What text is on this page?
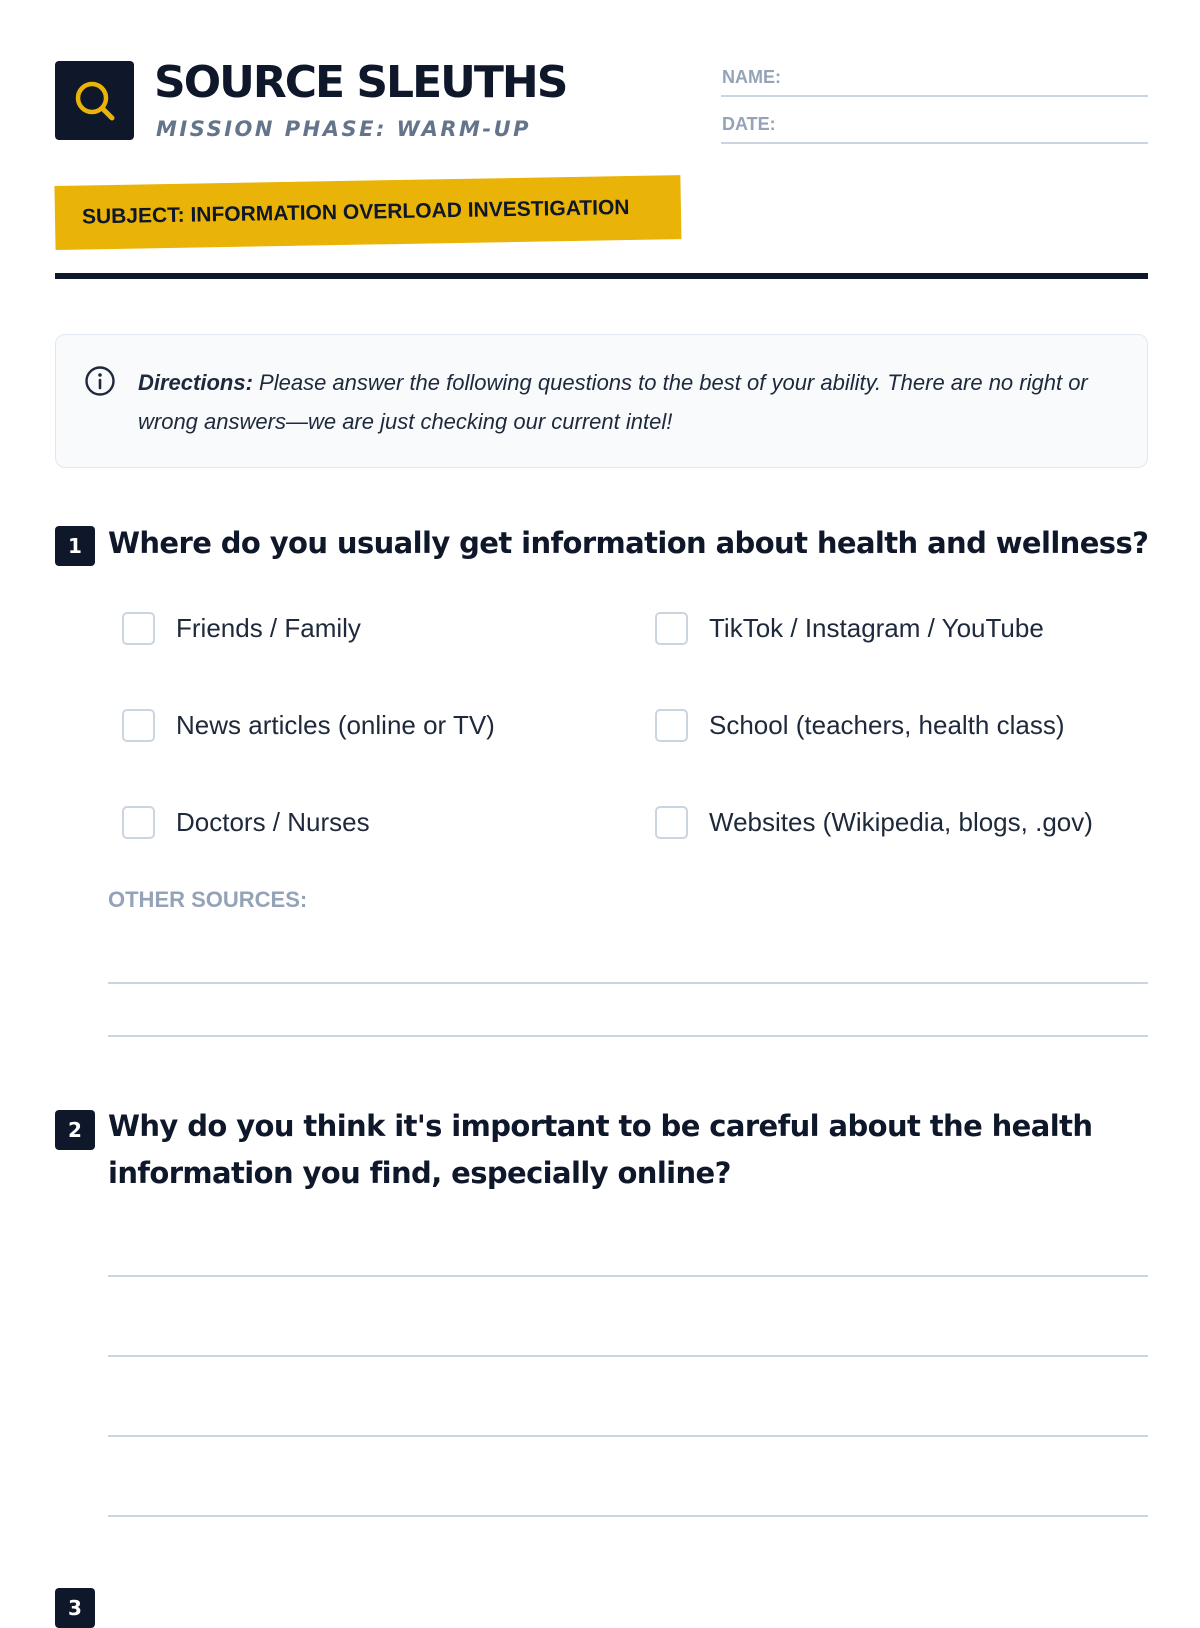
SOURCE SLEUTHS
MISSION PHASE: WARM-UP
NAME:
DATE:
SUBJECT: INFORMATION OVERLOAD INVESTIGATION

Directions: Please answer the following questions to the best of your ability. There are no right or wrong answers—we are just checking our current intel!

1 Where do you usually get information about health and wellness?
Friends / Family	TikTok / Instagram / YouTube
News articles (online or TV)	School (teachers, health class)
Doctors / Nurses	Websites (Wikipedia, blogs, .gov)
OTHER SOURCES:
2 Why do you think it's important to be careful about the health information you find, especially online?
3
